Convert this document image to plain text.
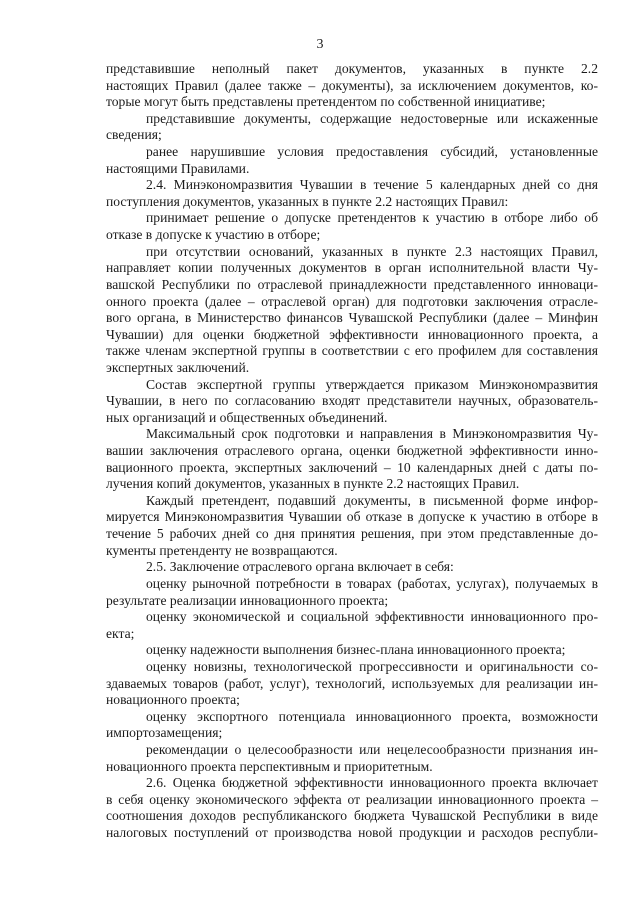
3
представившие неполный пакет документов, указанных в пункте 2.2
настоящих Правил (далее также – документы), за исключением документов, ко-
торые могут быть представлены претендентом по собственной инициативе;
представившие документы, содержащие недостоверные или искаженные
сведения;
ранее нарушившие условия предоставления субсидий, установленные
настоящими Правилами.
2.4. Минэкономразвития Чувашии в течение 5 календарных дней со дня
поступления документов, указанных в пункте 2.2 настоящих Правил:
принимает решение о допуске претендентов к участию в отборе либо об
отказе в допуске к участию в отборе;
при отсутствии оснований, указанных в пункте 2.3 настоящих Правил,
направляет копии полученных документов в орган исполнительной власти Чу-
вашской Республики по отраслевой принадлежности представленного инноваци-
онного проекта (далее – отраслевой орган) для подготовки заключения отрасле-
вого органа, в Министерство финансов Чувашской Республики (далее – Минфин
Чувашии) для оценки бюджетной эффективности инновационного проекта, а
также членам экспертной группы в соответствии с его профилем для составления
экспертных заключений.
Состав экспертной группы утверждается приказом Минэкономразвития
Чувашии, в него по согласованию входят представители научных, образователь-
ных организаций и общественных объединений.
Максимальный срок подготовки и направления в Минэкономразвития Чу-
вашии заключения отраслевого органа, оценки бюджетной эффективности инно-
вационного проекта, экспертных заключений – 10 календарных дней с даты по-
лучения копий документов, указанных в пункте 2.2 настоящих Правил.
Каждый претендент, подавший документы, в письменной форме инфор-
мируется Минэкономразвития Чувашии об отказе в допуске к участию в отборе в
течение 5 рабочих дней со дня принятия решения, при этом представленные до-
кументы претенденту не возвращаются.
2.5. Заключение отраслевого органа включает в себя:
оценку рыночной потребности в товарах (работах, услугах), получаемых в
результате реализации инновационного проекта;
оценку экономической и социальной эффективности инновационного про-
екта;
оценку надежности выполнения бизнес-плана инновационного проекта;
оценку новизны, технологической прогрессивности и оригинальности со-
здаваемых товаров (работ, услуг), технологий, используемых для реализации ин-
новационного проекта;
оценку экспортного потенциала инновационного проекта, возможности
импортозамещения;
рекомендации о целесообразности или нецелесообразности признания ин-
новационного проекта перспективным и приоритетным.
2.6. Оценка бюджетной эффективности инновационного проекта включает
в себя оценку экономического эффекта от реализации инновационного проекта –
соотношения доходов республиканского бюджета Чувашской Республики в виде
налоговых поступлений от производства новой продукции и расходов республи-
